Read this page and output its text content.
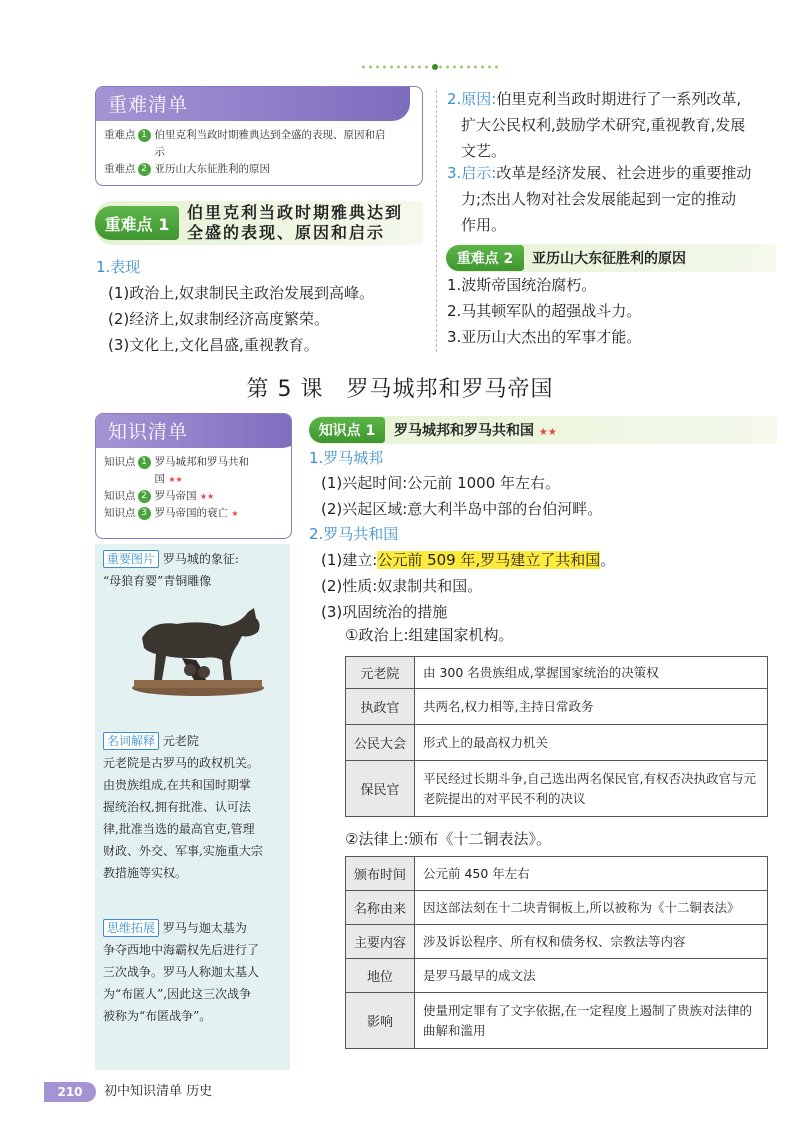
重难清单
重难点 1 伯里克利当政时期雅典达到全盛的表现、原因和启示
重难点 2 亚历山大东征胜利的原因
重难点 1
伯里克利当政时期雅典达到
全盛的表现、原因和启示
1.表现
(1)政治上,奴隶制民主政治发展到高峰。
(2)经济上,奴隶制经济高度繁荣。
(3)文化上,文化昌盛,重视教育。
2.原因:伯里克利当政时期进行了一系列改革,
扩大公民权利,鼓励学术研究,重视教育,发展
文艺。
3.启示:改革是经济发展、社会进步的重要推动
力;杰出人物对社会发展能起到一定的推动
作用。
重难点 2	亚历山大东征胜利的原因
1.波斯帝国统治腐朽。
2.马其顿军队的超强战斗力。
3.亚历山大杰出的军事才能。
第 5 课　罗马城邦和罗马帝国
知识清单
知识点 1 罗马城邦和罗马共和
国 ★★
知识点 2 罗马帝国 ★★
知识点 3 罗马帝国的衰亡 ★
重要图片 罗马城的象征:
“母狼育婴”青铜雕像
名词解释 元老院
元老院是古罗马的政权机关。
由贵族组成,在共和国时期掌
握统治权,拥有批准、认可法
律,批准当选的最高官吏,管理
财政、外交、军事,实施重大宗
教措施等实权。
思维拓展 罗马与迦太基为
争夺西地中海霸权先后进行了
三次战争。罗马人称迦太基人
为“布匿人”,因此这三次战争
被称为“布匿战争”。
知识点 1	罗马城邦和罗马共和国 ★★
1.罗马城邦
(1)兴起时间:公元前 1000 年左右。
(2)兴起区域:意大利半岛中部的台伯河畔。
2.罗马共和国
(1)建立:公元前 509 年,罗马建立了共和国。
(2)性质:奴隶制共和国。
(3)巩固统治的措施
①政治上:组建国家机构。
元老院	由 300 名贵族组成,掌握国家统治的决策权
执政官	共两名,权力相等,主持日常政务
公民大会	形式上的最高权力机关
保民官	平民经过长期斗争,自己选出两名保民官,有权否决执政官与元老院提出的对平民不利的决议
②法律上:颁布《十二铜表法》。
颁布时间	公元前 450 年左右
名称由来	因这部法刻在十二块青铜板上,所以被称为《十二铜表法》
主要内容	涉及诉讼程序、所有权和债务权、宗教法等内容
地位	是罗马最早的成文法
影响	使量刑定罪有了文字依据,在一定程度上遏制了贵族对法律的曲解和滥用
210	初中知识清单 历史
